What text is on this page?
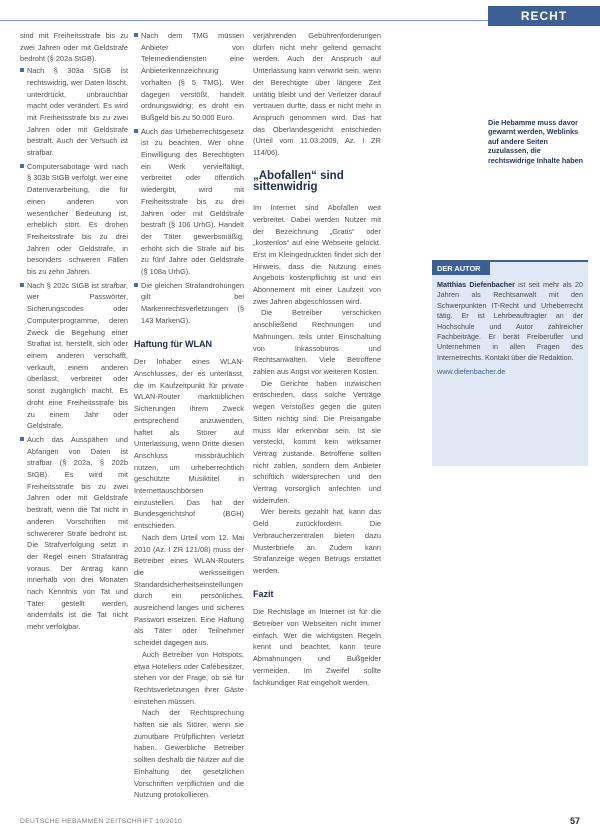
RECHT

sind mit Freiheitsstrafe bis zu zwei Jahren oder mit Geldstrafe bedroht (§ 202a StGB).

Nach § 303a StGB ist rechtswidrig, wer Daten löscht, unterdrückt, unbrauchbar macht oder verändert. Es wird mit Freiheitsstrafe bis zu zwei Jahren oder mit Geldstrafe bestraft. Auch der Versuch ist strafbar.
Computersabotage wird nach § 303b StGB verfolgt, wer eine Datenverarbeitung, die für einen anderen von wesentlicher Bedeutung ist, erheblich stört. Es drohen Freiheitsstrafe bis zu drei Jahren oder Geldstrafe, in besonders schweren Fällen bis zu zehn Jahren.
Nach § 202c StGB ist strafbar, wer Passwörter, Sicherungscodes oder Computerprogramme, deren Zweck die Begehung einer Straftat ist, herstellt, sich oder einem anderen verschafft, verkauft, einem anderen überlässt, verbreitet oder sonst zugänglich macht. Es droht eine Freiheitsstrafe bis zu einem Jahr oder Geldstrafe.
Auch das Ausspähen und Abfangen von Daten ist strafbar (§ 202a, § 202b StGB). Es wird mit Freiheitsstrafe bis zu zwei Jahren oder mit Geldstrafe bestraft, wenn die Tat nicht in anderen Vorschriften mit schwererer Strafe bedroht ist. Die Strafverfolgung setzt in der Regel einen Strafantrag voraus. Der Antrag kann innerhalb von drei Monaten nach Kenntnis von Tat und Täter gestellt werden, andernfalls ist die Tat nicht mehr verfolgbar.
Nach dem TMG müssen Anbieter von Telemediendiensten eine Anbieterkennzeichnung vorhalten (§ 5 TMG). Wer dagegen verstößt, handelt ordnungswidrig; es droht ein Bußgeld bis zu 50.000 Euro.
Auch das Urheberrechtsgesetz ist zu beachten. Wer ohne Einwilligung des Berechtigten ein Werk vervielfältigt, verbreitet oder öffentlich wiedergibt, wird mit Freiheitsstrafe bis zu drei Jahren oder mit Geldstrafe bestraft (§ 106 UrhG). Handelt der Täter gewerbsmäßig, erhöht sich die Strafe auf bis zu fünf Jahre oder Geldstrafe (§ 108a UrhG).
Die gleichen Strafandrohungen gilt bei Markenrechtsverletzungen (§ 143 MarkenG).
Haftung für WLAN

Der Inhaber eines WLAN-Anschlusses, der es unterlässt, die im Kaufzeitpunkt für private WLAN-Router marktüblichen Sicherungen ihrem Zweck entsprechend anzuwenden, haftet als Störer auf Unterlassung, wenn Dritte diesen Anschluss missbräuchlich nutzen, um urheberrechtlich geschützte Musiktitel in Internettauschbörsen einzustellen. Das hat der Bundesgerichtshof (BGH) entschieden.

Nach dem Urteil vom 12. Mai 2010 (Az. I ZR 121/08) muss der Betreiber eines WLAN-Routers die werksseitigen Standardsicherheitseinstellungen durch ein persönliches, ausreichend langes und sicheres Passwort ersetzen. Eine Haftung als Täter oder Teilnehmer scheidet dagegen aus.

Auch Betreiber von Hotspots, etwa Hoteliers oder Cafébesitzer, stehen vor der Frage, ob sie für Rechtsverletzungen ihrer Gäste einstehen müssen.

Nach der Rechtsprechung haften sie als Störer, wenn sie zumutbare Prüfpflichten verletzt haben. Gewerbliche Betreiber sollten deshalb die Nutzer auf die Einhaltung der gesetzlichen Vorschriften verpflichten und die Nutzung protokollieren.

verjährenden Gebührenforderungen dürfen nicht mehr geltend gemacht werden. Auch der Anspruch auf Unterlassung kann verwirkt sein, wenn der Berechtigte über längere Zeit untätig bleibt und der Verletzer darauf vertrauen durfte, dass er nicht mehr in Anspruch genommen wird. Das hat das Oberlandesgericht entschieden (Urteil vom 11.03.2009, Az. I ZR 114/06).

„Abofallen“ sind sittenwidrig

Im Internet sind Abofallen weit verbreitet. Dabei werden Nutzer mit der Bezeichnung „Gratis“ oder „kostenlos“ auf eine Webseite gelockt. Erst im Kleingedruckten findet sich der Hinweis, dass die Nutzung eines Angebots kostenpflichtig ist und ein Abonnement mit einer Laufzeit von zwei Jahren abgeschlossen wird.

Die Betreiber verschicken anschließend Rechnungen und Mahnungen, teils unter Einschaltung von Inkassobüros und Rechtsanwälten. Viele Betroffene zahlen aus Angst vor weiteren Kosten.

Die Gerichte haben inzwischen entschieden, dass solche Verträge wegen Verstoßes gegen die guten Sitten nichtig sind. Die Preisangabe muss klar erkennbar sein. Ist sie versteckt, kommt kein wirksamer Vertrag zustande. Betroffene sollten nicht zahlen, sondern dem Anbieter schriftlich widersprechen und den Vertrag vorsorglich anfechten und widerrufen.

Wer bereits gezahlt hat, kann das Geld zurückfordern. Die Verbraucherzentralen bieten dazu Musterbriefe an. Zudem kann Strafanzeige wegen Betrugs erstattet werden.

Fazit

Die Rechtslage im Internet ist für die Betreiber von Webseiten nicht immer einfach. Wer die wichtigsten Regeln kennt und beachtet, kann teure Abmahnungen und Bußgelder vermeiden. Im Zweifel sollte fachkundiger Rat eingeholt werden.

Die Hebamme muss davor gewarnt werden, Weblinks auf andere Seiten zuzulassen, die rechtswidrige Inhalte haben
DER AUTOR
Matthias Diefenbacher ist seit mehr als 20 Jahren als Rechtsanwalt mit den Schwerpunkten IT-Recht und Urheberrecht tätig. Er ist Lehrbeauftragter an der Hochschule und Autor zahlreicher Fachbeiträge. Er berät Freiberufler und Unternehmen in allen Fragen des Internetrechts. Kontakt über die Redaktion.
www.diefenbacher.de
DEUTSCHE HEBAMMEN ZEITSCHRIFT 10/2010	57
